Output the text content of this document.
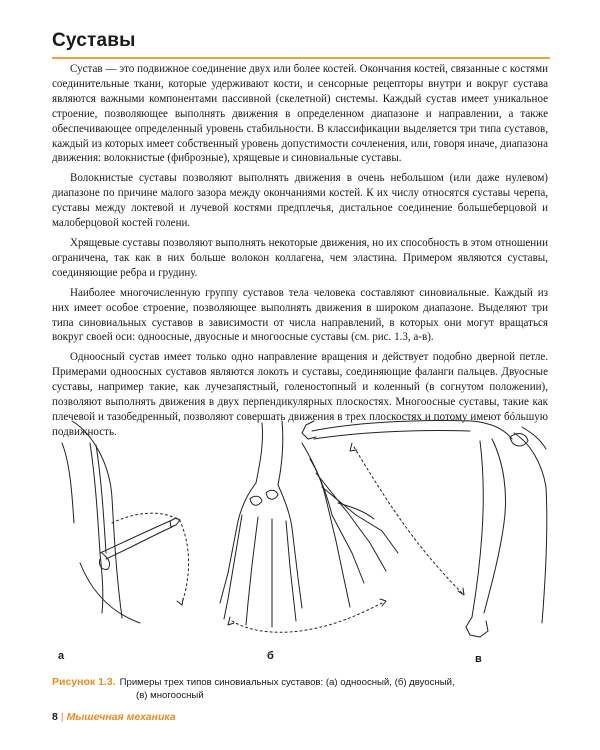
Суставы

Сустав — это подвижное соединение двух или более костей. Окончания костей, связанные с костями соединительные ткани, которые удерживают кости, и сенсорные рецепторы внутри и вокруг сустава являются важными компонентами пассивной (скелетной) системы. Каждый сустав имеет уникальное строение, позволяющее выполнять движения в определенном диапазоне и направлении, а также обеспечивающее определенный уровень стабильности. В классификации выделяется три типа суставов, каждый из которых имеет собственный уровень допустимости сочленения, или, говоря иначе, диапазона движения: волокнистые (фиброзные), хрящевые и синовиальные суставы.

Волокнистые суставы позволяют выполнять движения в очень небольшом (или даже нулевом) диапазоне по причине малого зазора между окончаниями костей. К их числу относятся суставы черепа, суставы между локтевой и лучевой костями предплечья, дистальное соединение большеберцовой и малоберцовой костей голени.

Хрящевые суставы позволяют выполнять некоторые движения, но их способность в этом отношении ограничена, так как в них больше волокон коллагена, чем эластина. Примером являются суставы, соединяющие ребра и грудину.

Наиболее многочисленную группу суставов тела человека составляют синовиальные. Каждый из них имеет особое строение, позволяющее выполнять движения в широком диапазоне. Выделяют три типа синовиальных суставов в зависимости от числа направлений, в которых они могут вращаться вокруг своей оси: одноосные, двуосные и многоосные суставы (см. рис. 1.3, а-в).

Одноосный сустав имеет только одно направление вращения и действует подобно дверной петле. Примерами одноосных суставов являются локоть и суставы, соединяющие фаланги пальцев. Двуосные суставы, например такие, как лучезапястный, голеностопный и коленный (в согнутом положении), позволяют выполнять движения в двух перпендикулярных плоскостях. Многоосные суставы, такие как плечевой и тазобедренный, позволяют совершать движения в трех плоскостях и потому имеют бóльшую подвижность.

а	б	в
Рисунок 1.3. Примеры трех типов синовиальных суставов: (а) одноосный, (б) двуосный,
(в) многоосный
8 | Мышечная механика
